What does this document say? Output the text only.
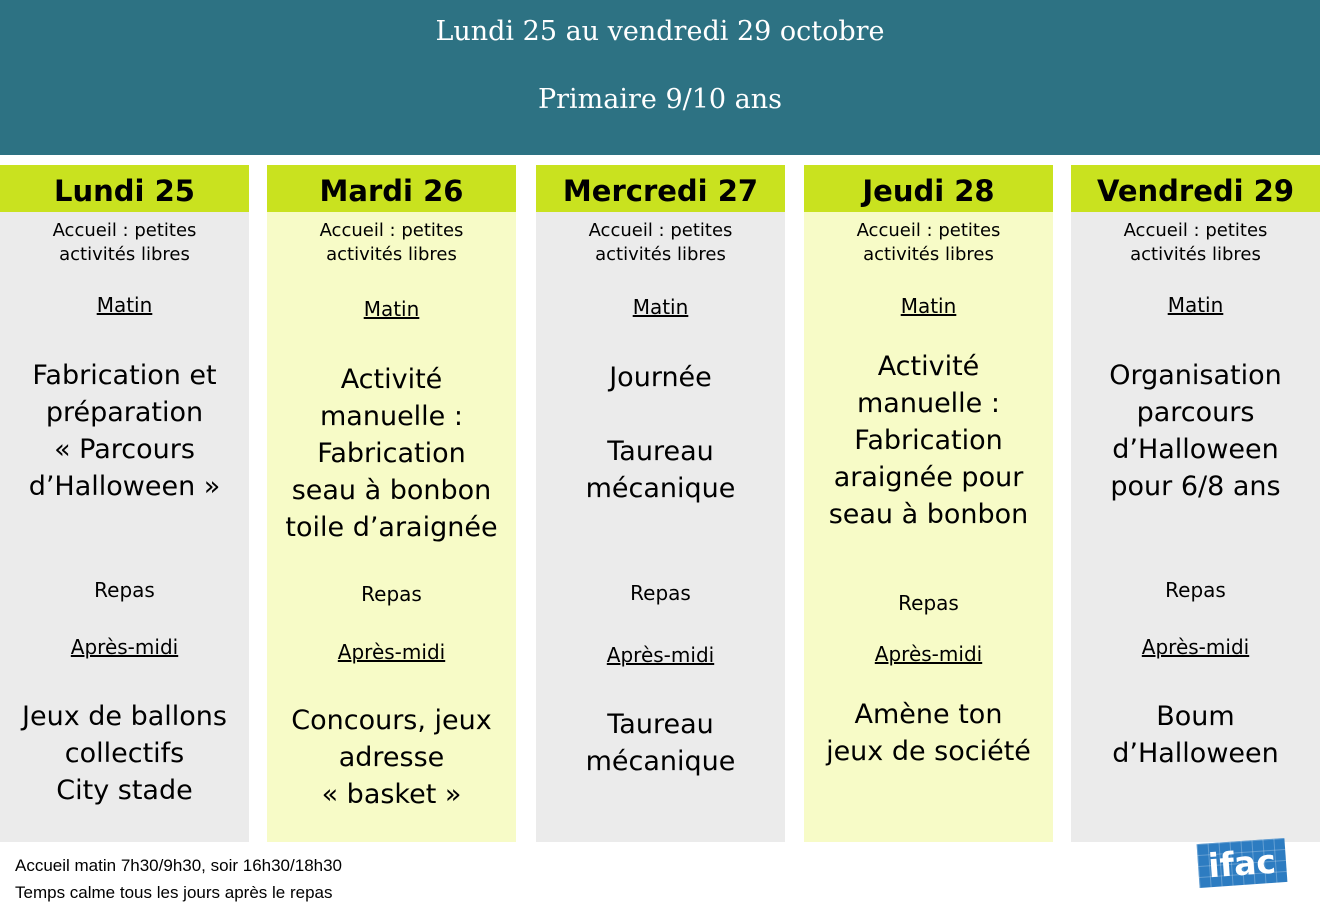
Lundi 25 au vendredi 29 octobre
Primaire 9/10 ans
Lundi 25
Accueil : petites
activités libres
Matin
Fabrication et
préparation
« Parcours
d’Halloween »
Repas
Après-midi
Jeux de ballons
collectifs
City stade
Mardi 26
Accueil : petites
activités libres
Matin
Activité
manuelle :
Fabrication
seau à bonbon
toile d’araignée
Repas
Après-midi
Concours, jeux
adresse
« basket »
Mercredi 27
Accueil : petites
activités libres
Matin
Journée
Taureau
mécanique
Repas
Après-midi
Taureau
mécanique
Jeudi 28
Accueil : petites
activités libres
Matin
Activité
manuelle :
Fabrication
araignée pour
seau à bonbon
Repas
Après-midi
Amène ton
jeux de société
Vendredi 29
Accueil : petites
activités libres
Matin
Organisation
parcours
d’Halloween
pour 6/8 ans
Repas
Après-midi
Boum
d’Halloween
Accueil matin 7h30/9h30, soir 16h30/18h30
Temps calme tous les jours après le repas
ifac
